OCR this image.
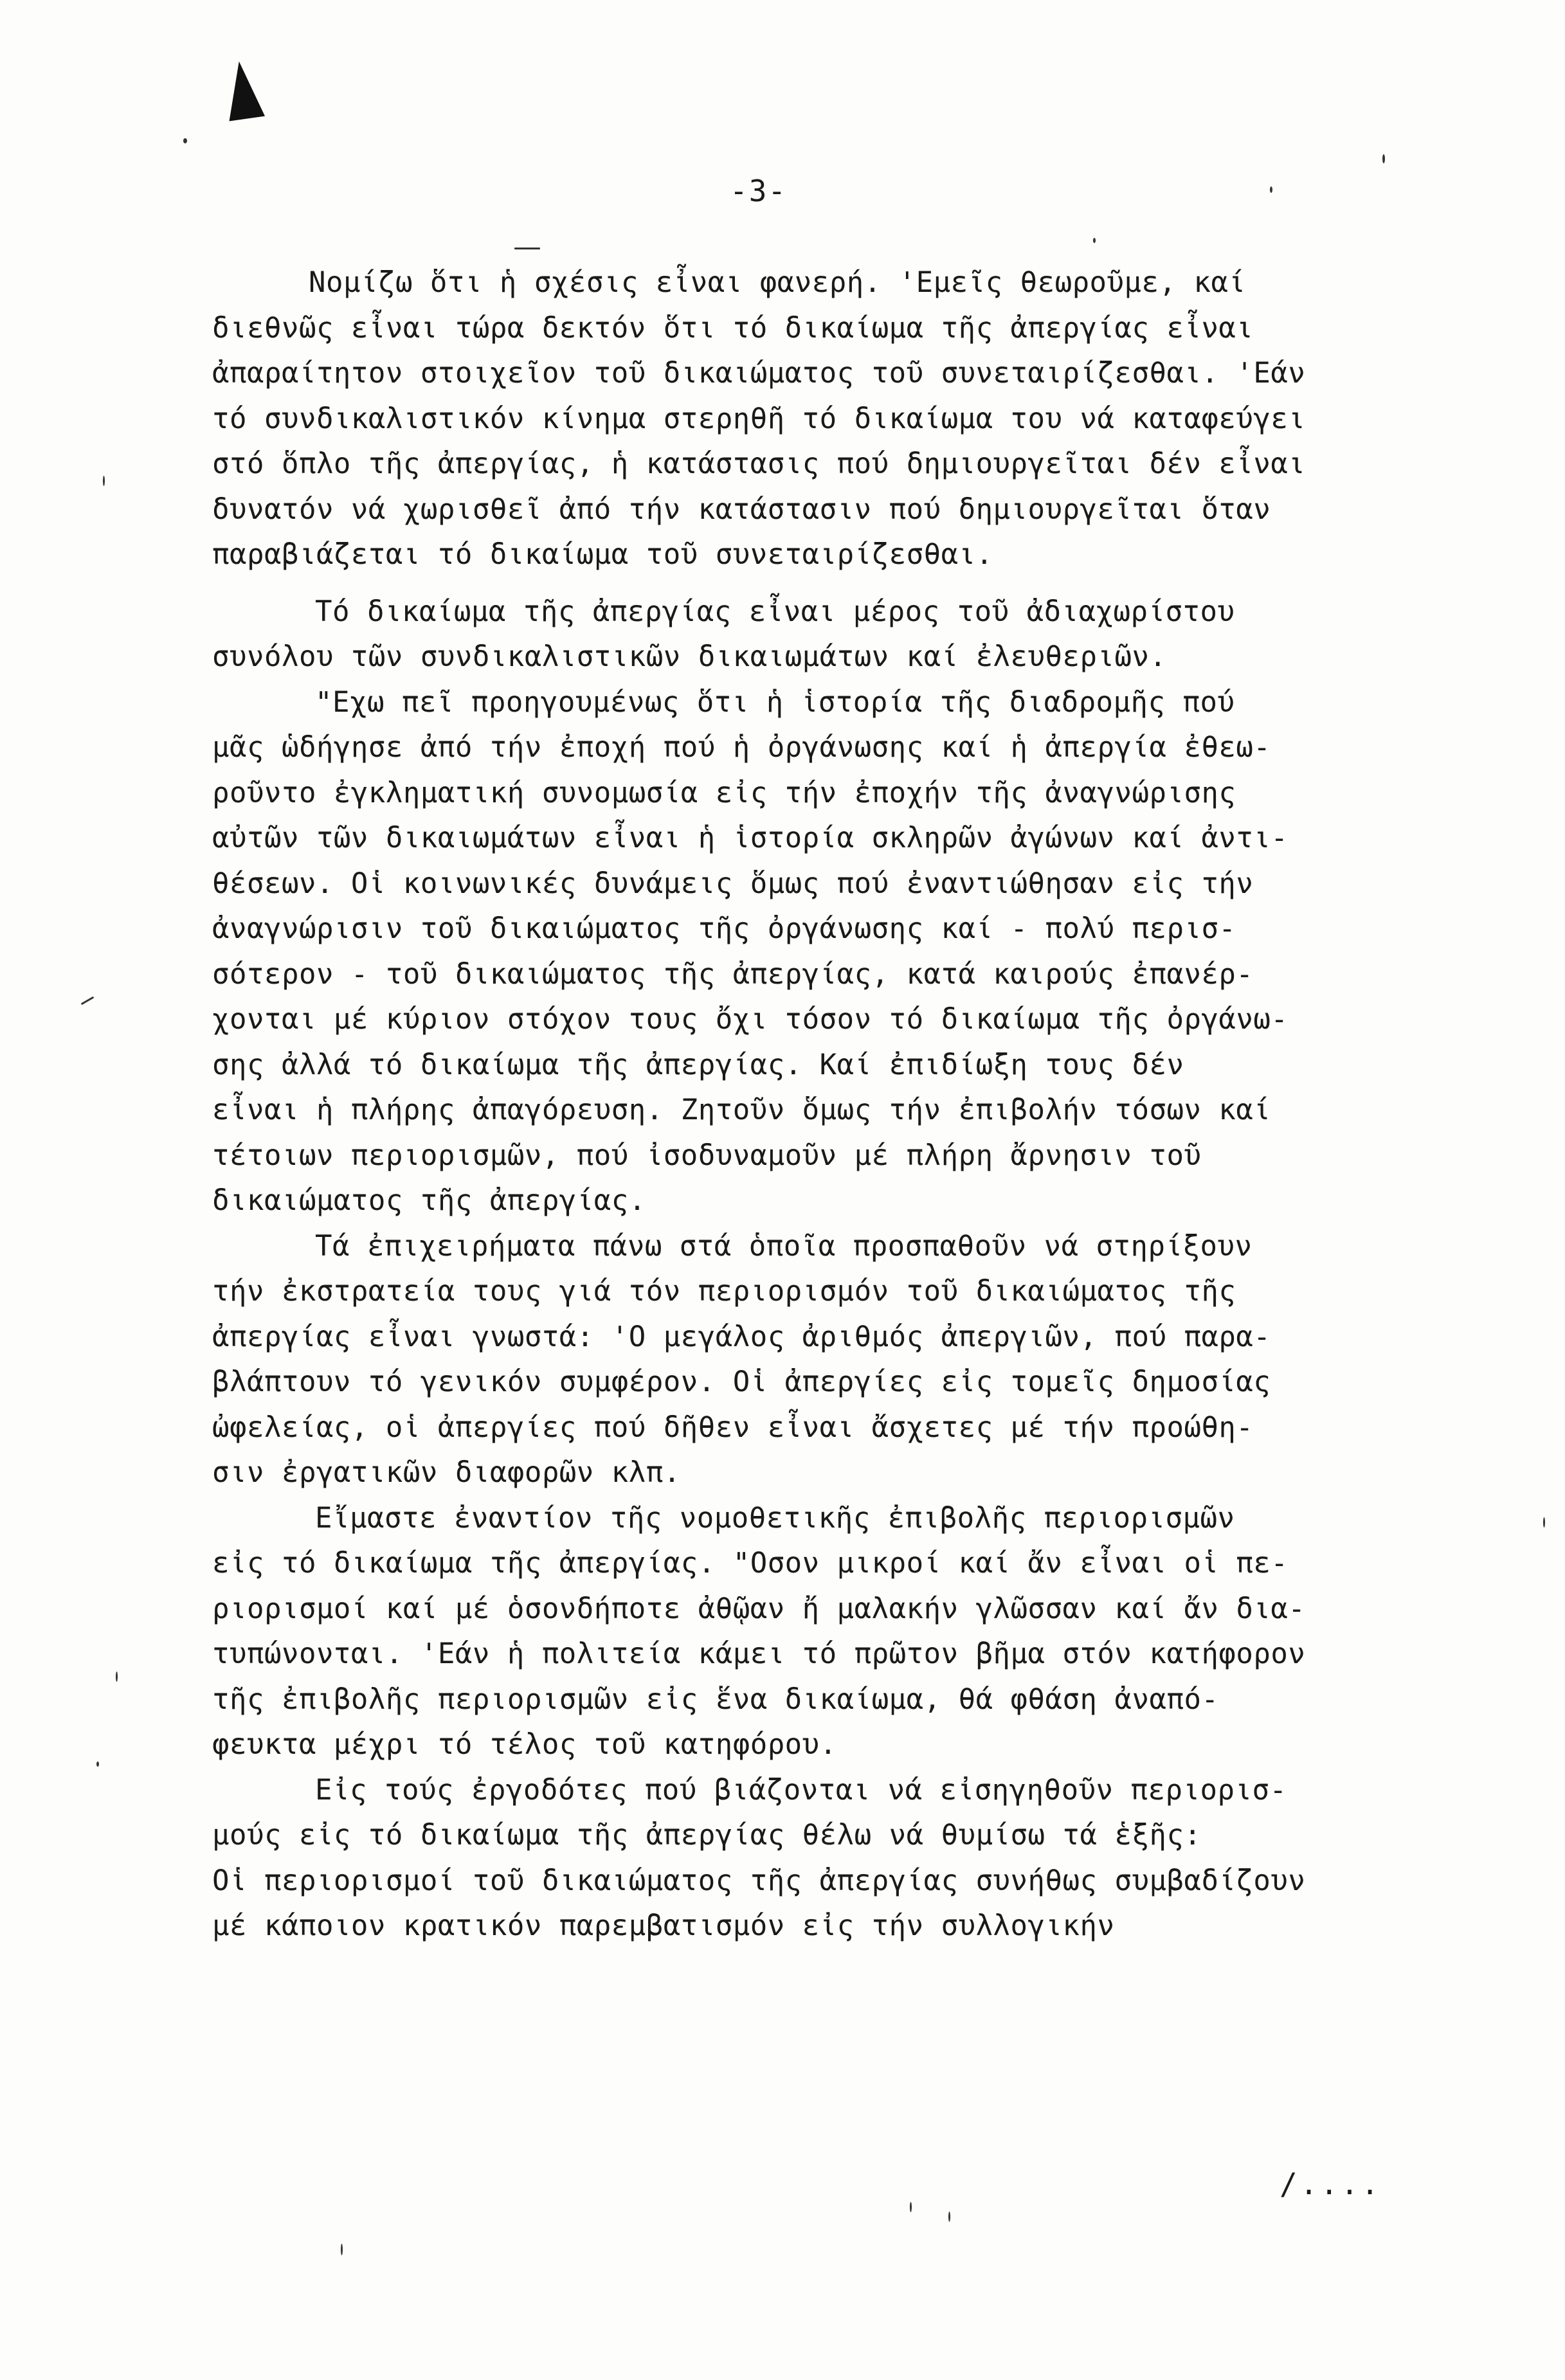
-3-
Νομίζω ὅτι ἡ σχέσις εἶναι φανερή. 'Εμεῖς θεωροῦμε, καί
διεθνῶς εἶναι τώρα δεκτόν ὅτι τό δικαίωμα τῆς ἀπεργίας εἶναι
ἀπαραίτητον στοιχεῖον τοῦ δικαιώματος τοῦ συνεταιρίζεσθαι. 'Εάν
τό συνδικαλιστικόν κίνημα στερηθῆ τό δικαίωμα του νά καταφεύγει
στό ὅπλο τῆς ἀπεργίας, ἡ κατάστασις πού δημιουργεῖται δέν εἶναι
δυνατόν νά χωρισθεῖ ἀπό τήν κατάστασιν πού δημιουργεῖται ὅταν
παραβιάζεται τό δικαίωμα τοῦ συνεταιρίζεσθαι.
Τό δικαίωμα τῆς ἀπεργίας εἶναι μέρος τοῦ ἀδιαχωρίστου
συνόλου τῶν συνδικαλιστικῶν δικαιωμάτων καί ἐλευθεριῶν.
"Εχω πεῖ προηγουμένως ὅτι ἡ ἱστορία τῆς διαδρομῆς πού
μᾶς ὡδήγησε ἀπό τήν ἐποχή πού ἡ ὀργάνωσης καί ἡ ἀπεργία ἐθεω-
ροῦντο ἐγκληματική συνομωσία εἰς τήν ἐποχήν τῆς ἀναγνώρισης
αὐτῶν τῶν δικαιωμάτων εἶναι ἡ ἱστορία σκληρῶν ἀγώνων καί ἀντι-
θέσεων. Οἱ κοινωνικές δυνάμεις ὅμως πού ἐναντιώθησαν εἰς τήν
ἀναγνώρισιν τοῦ δικαιώματος τῆς ὀργάνωσης καί - πολύ περισ-
σότερον - τοῦ δικαιώματος τῆς ἀπεργίας, κατά καιρούς ἐπανέρ-
χονται μέ κύριον στόχον τους ὄχι τόσον τό δικαίωμα τῆς ὀργάνω-
σης ἀλλά τό δικαίωμα τῆς ἀπεργίας. Καί ἐπιδίωξη τους δέν
εἶναι ἡ πλήρης ἀπαγόρευση. Ζητοῦν ὅμως τήν ἐπιβολήν τόσων καί
τέτοιων περιορισμῶν, πού ἰσοδυναμοῦν μέ πλήρη ἄρνησιν τοῦ
δικαιώματος τῆς ἀπεργίας.
Τά ἐπιχειρήματα πάνω στά ὁποῖα προσπαθοῦν νά στηρίξουν
τήν ἐκστρατεία τους γιά τόν περιορισμόν τοῦ δικαιώματος τῆς
ἀπεργίας εἶναι γνωστά: 'Ο μεγάλος ἀριθμός ἀπεργιῶν, πού παρα-
βλάπτουν τό γενικόν συμφέρον. Οἱ ἀπεργίες εἰς τομεῖς δημοσίας
ὠφελείας, οἱ ἀπεργίες πού δῆθεν εἶναι ἄσχετες μέ τήν προώθη-
σιν ἐργατικῶν διαφορῶν κλπ.
Εἴμαστε ἐναντίον τῆς νομοθετικῆς ἐπιβολῆς περιορισμῶν
εἰς τό δικαίωμα τῆς ἀπεργίας. "Οσον μικροί καί ἄν εἶναι οἱ πε-
ριορισμοί καί μέ ὁσονδήποτε ἀθῷαν ἤ μαλακήν γλῶσσαν καί ἄν δια-
τυπώνονται. 'Εάν ἡ πολιτεία κάμει τό πρῶτον βῆμα στόν κατήφορον
τῆς ἐπιβολῆς περιορισμῶν εἰς ἕνα δικαίωμα, θά φθάση ἀναπό-
φευκτα μέχρι τό τέλος τοῦ κατηφόρου.
Εἰς τούς ἐργοδότες πού βιάζονται νά εἰσηγηθοῦν περιορισ-
μούς εἰς τό δικαίωμα τῆς ἀπεργίας θέλω νά θυμίσω τά ἑξῆς:
Οἱ περιορισμοί τοῦ δικαιώματος τῆς ἀπεργίας συνήθως συμβαδίζουν
μέ κάποιον κρατικόν παρεμβατισμόν εἰς τήν συλλογικήν
/....
